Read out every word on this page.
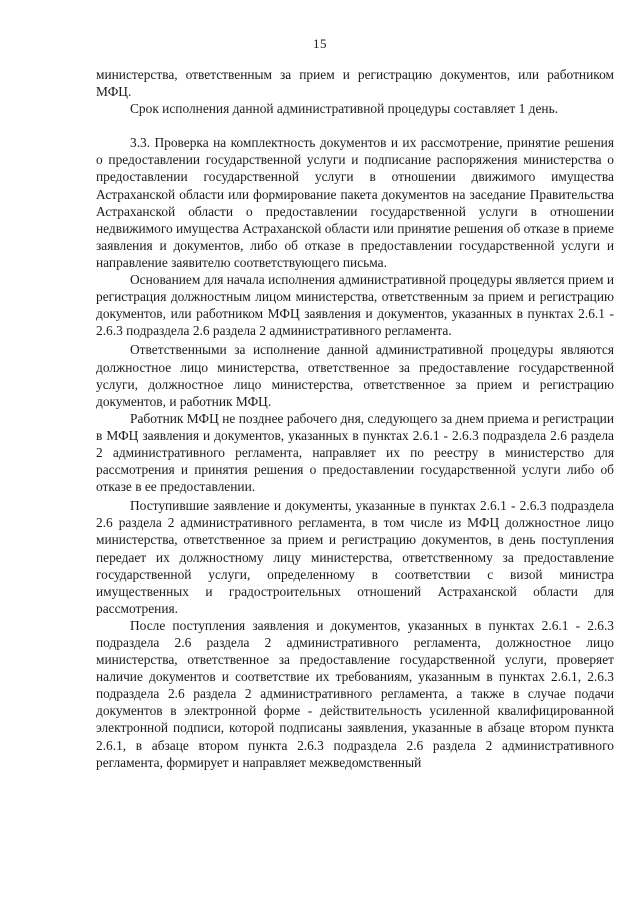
15

министерства, ответственным за прием и регистрацию документов, или работником МФЦ.

Срок исполнения данной административной процедуры составляет 1 день.

3.3. Проверка на комплектность документов и их рассмотрение, принятие решения о предоставлении государственной услуги и подписание распоряжения министерства о предоставлении государственной услуги в отношении движимого имущества Астраханской области или формирование пакета документов на заседание Правительства Астраханской области о предоставлении государственной услуги в отношении недвижимого имущества Астраханской области или принятие решения об отказе в приеме заявления и документов, либо об отказе в предоставлении государственной услуги и направление заявителю соответствующего письма.

Основанием для начала исполнения административной процедуры является прием и регистрация должностным лицом министерства, ответственным за прием и регистрацию документов, или работником МФЦ заявления и документов, указанных в пунктах 2.6.1 - 2.6.3 подраздела 2.6 раздела 2 административного регламента.

Ответственными за исполнение данной административной процедуры являются должностное лицо министерства, ответственное за предоставление государственной услуги, должностное лицо министерства, ответственное за прием и регистрацию документов, и работник МФЦ.

Работник МФЦ не позднее рабочего дня, следующего за днем приема и регистрации в МФЦ заявления и документов, указанных в пунктах 2.6.1 - 2.6.3 подраздела 2.6 раздела 2 административного регламента, направляет их по реестру в министерство для рассмотрения и принятия решения о предоставлении государственной услуги либо об отказе в ее предоставлении.

Поступившие заявление и документы, указанные в пунктах 2.6.1 - 2.6.3 подраздела 2.6 раздела 2 административного регламента, в том числе из МФЦ должностное лицо министерства, ответственное за прием и регистрацию документов, в день поступления передает их должностному лицу министерства, ответственному за предоставление государственной услуги, определенному в соответствии с визой министра имущественных и градостроительных отношений Астраханской области для рассмотрения.

После поступления заявления и документов, указанных в пунктах 2.6.1 - 2.6.3 подраздела 2.6 раздела 2 административного регламента, должностное лицо министерства, ответственное за предоставление государственной услуги, проверяет наличие документов и соответствие их требованиям, указанным в пунктах 2.6.1, 2.6.3 подраздела 2.6 раздела 2 административного регламента, а также в случае подачи документов в электронной форме - действительность усиленной квалифицированной электронной подписи, которой подписаны заявления, указанные в абзаце втором пункта 2.6.1, в абзаце втором пункта 2.6.3 подраздела 2.6 раздела 2 административного регламента, формирует и направляет межведомственный
